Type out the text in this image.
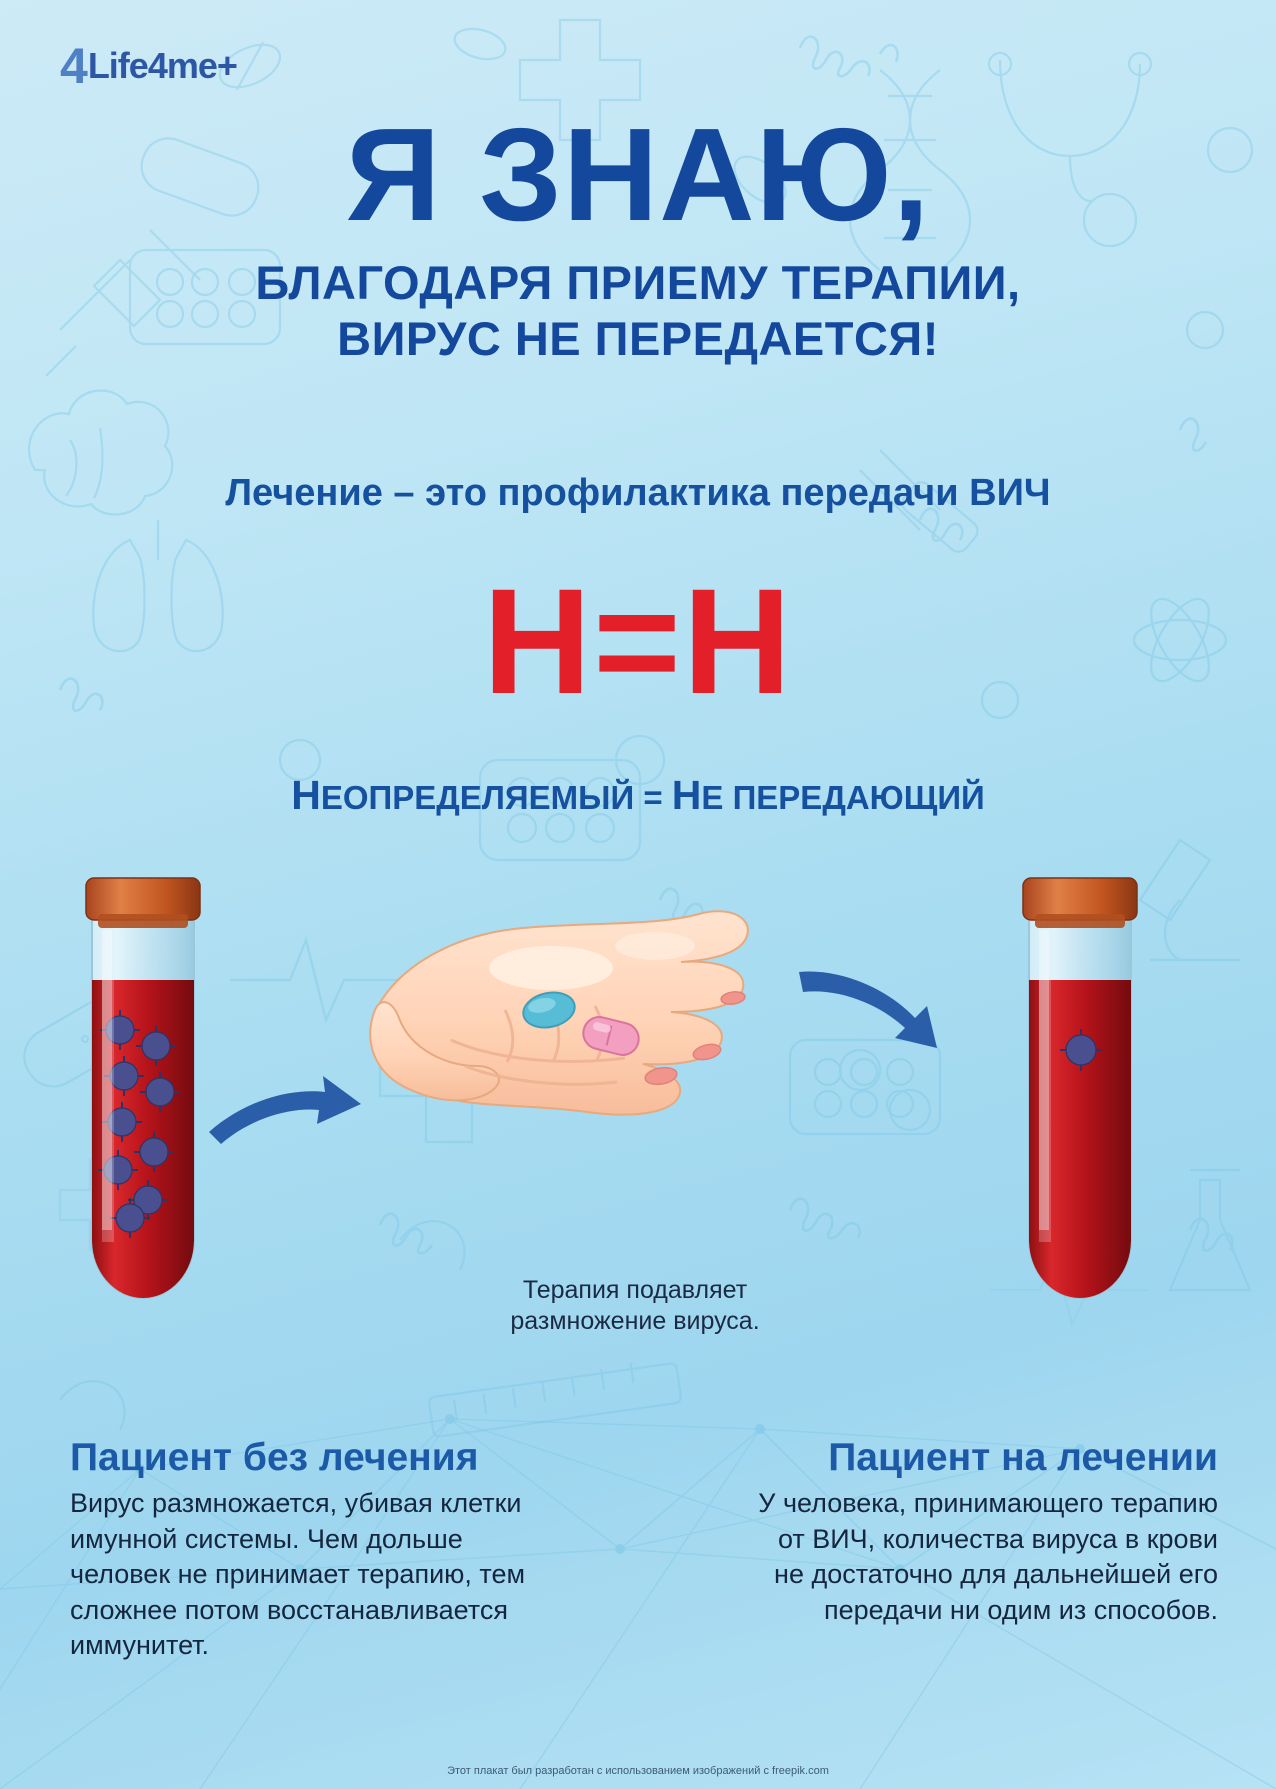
4 Life4me+
Я ЗНАЮ,
БЛАГОДАРЯ ПРИЕМУ ТЕРАПИИ,
ВИРУС НЕ ПЕРЕДАЕТСЯ!
Лечение – это профилактика передачи ВИЧ
Н=Н
НЕОПРЕДЕЛЯЕМЫЙ = НЕ ПЕРЕДАЮЩИЙ
Терапия подавляет размножение вируса.
Пациент без лечения

Вирус размножается, убивая клетки имунной системы. Чем дольше человек не принимает терапию, тем сложнее потом восстанавливается иммунитет.

Пациент на лечении

У человека, принимающего терапию от ВИЧ, количества вируса в крови не достаточно для дальнейшей его передачи ни одим из способов.

Этот плакат был разработан с использованием изображений с freepik.com
